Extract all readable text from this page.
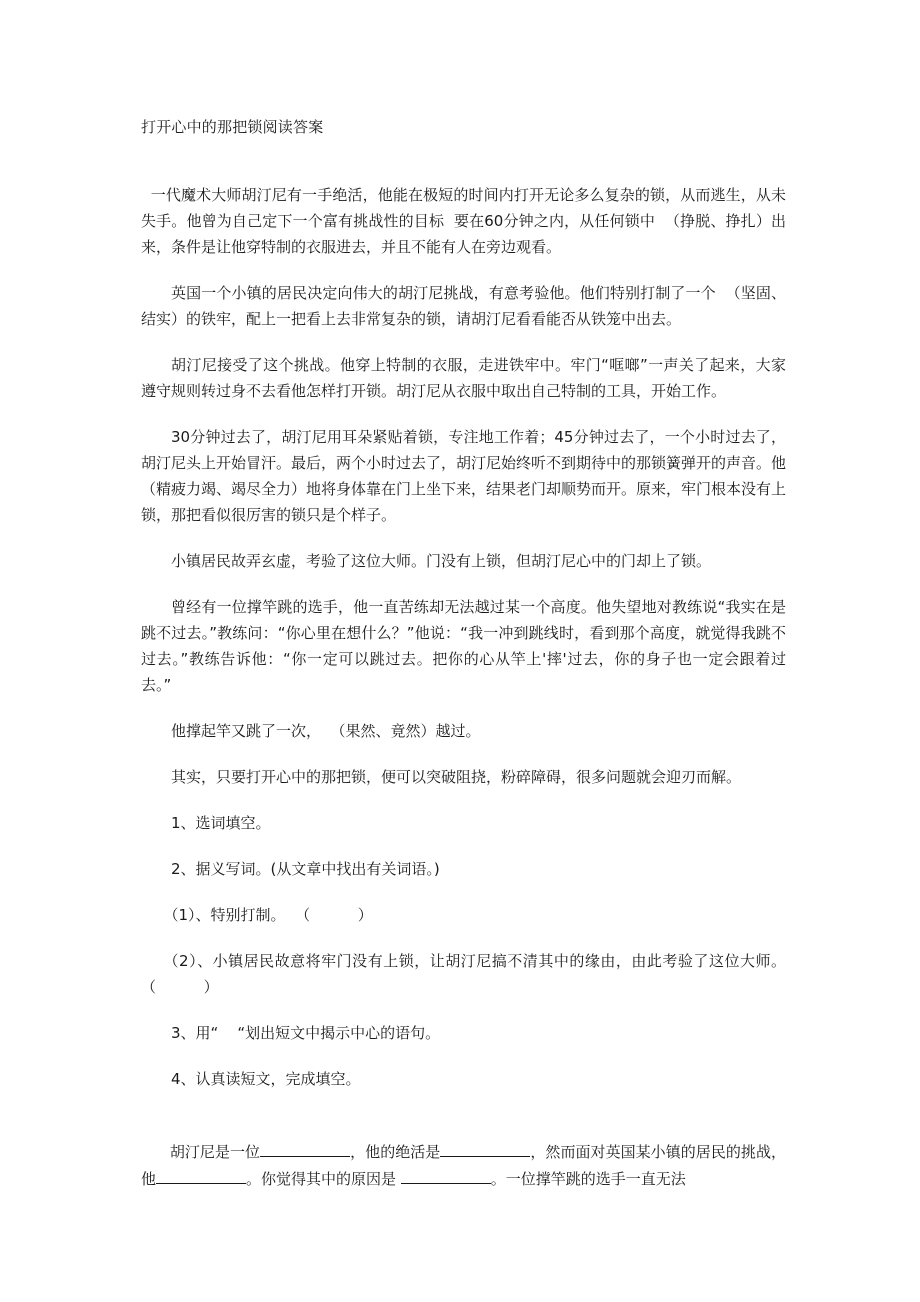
打开心中的那把锁阅读答案

一代魔术大师胡汀尼有一手绝活，他能在极短的时间内打开无论多么复杂的锁，从而逃生，从未失手。他曾为自己定下一个富有挑战性的目标  要在60分钟之内，从任何锁中  （挣脱、挣扎）出来，条件是让他穿特制的衣服进去，并且不能有人在旁边观看。

英国一个小镇的居民决定向伟大的胡汀尼挑战，有意考验他。他们特别打制了一个  （坚固、结实）的铁牢，配上一把看上去非常复杂的锁，请胡汀尼看看能否从铁笼中出去。

胡汀尼接受了这个挑战。他穿上特制的衣服，走进铁牢中。牢门“哐啷”一声关了起来，大家遵守规则转过身不去看他怎样打开锁。胡汀尼从衣服中取出自己特制的工具，开始工作。

30分钟过去了，胡汀尼用耳朵紧贴着锁，专注地工作着；45分钟过去了，一个小时过去了，胡汀尼头上开始冒汗。最后，两个小时过去了，胡汀尼始终听不到期待中的那锁簧弹开的声音。他  （精疲力竭、竭尽全力）地将身体靠在门上坐下来，结果老门却顺势而开。原来，牢门根本没有上锁，那把看似很厉害的锁只是个样子。

小镇居民故弄玄虚，考验了这位大师。门没有上锁，但胡汀尼心中的门却上了锁。

曾经有一位撑竿跳的选手，他一直苦练却无法越过某一个高度。他失望地对教练说“我实在是跳不过去。”教练问：“你心里在想什么？”他说：“我一冲到跳线时，看到那个高度，就觉得我跳不过去。”教练告诉他：“你一定可以跳过去。把你的心从竿上'摔'过去，你的身子也一定会跟着过去。”

他撑起竿又跳了一次，  （果然、竟然）越过。

其实，只要打开心中的那把锁，便可以突破阻挠，粉碎障碍，很多问题就会迎刃而解。

1、选词填空。

2、据义写词。(从文章中找出有关词语。)

（1）、特别打制。  （          ）

（2）、小镇居民故意将牢门没有上锁，让胡汀尼搞不清其中的缘由，由此考验了这位大师。  （          ）

3、用“    “划出短文中揭示中心的语句。

4、认真读短文，完成填空。

胡汀尼是一位	，他的绝活是	，然而面对英国某小镇的居民的挑战，他	。你觉得其中的原因是	。一位撑竿跳的选手一直无法
